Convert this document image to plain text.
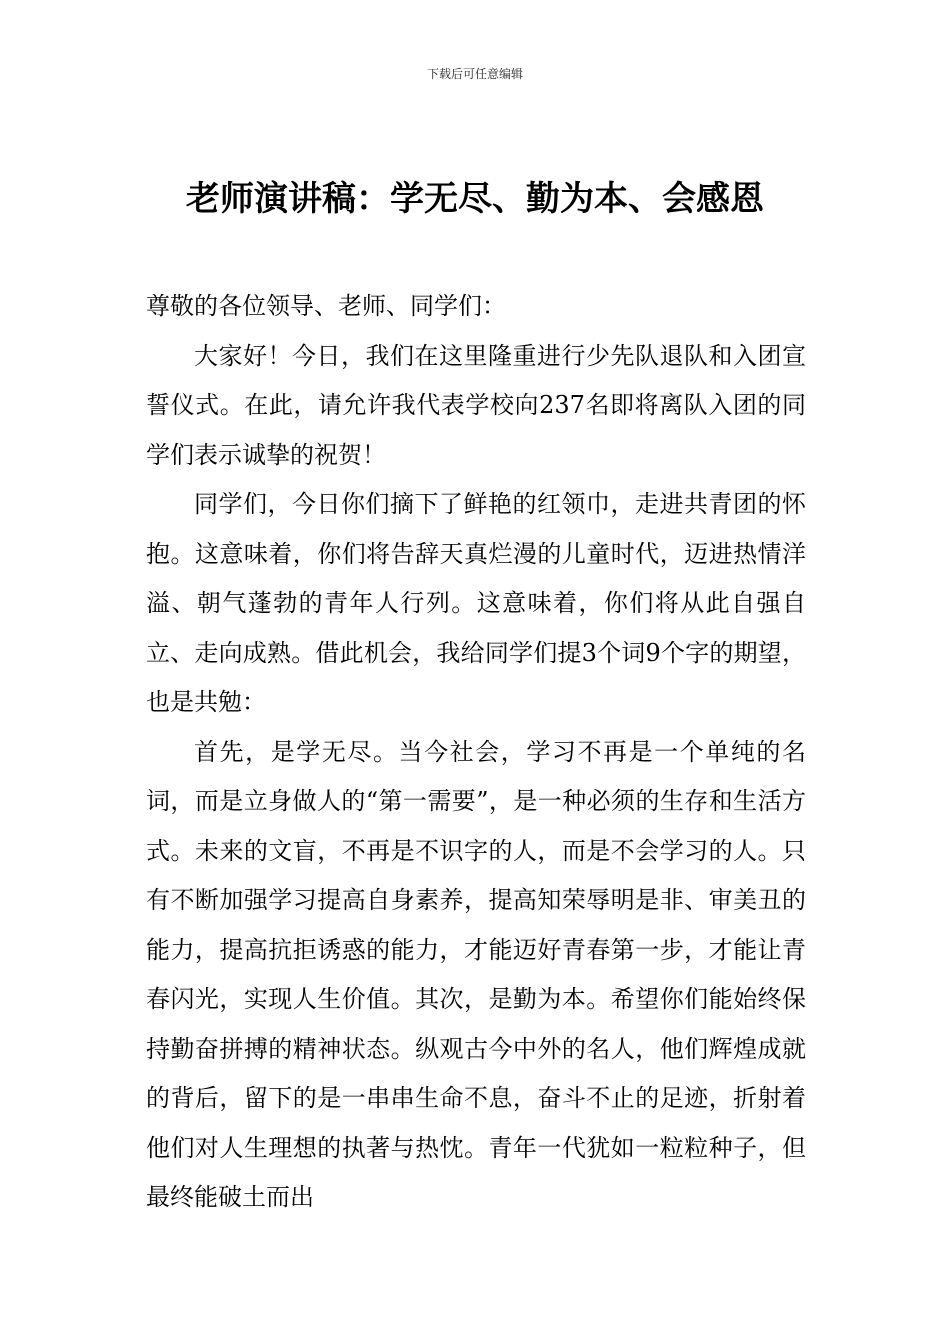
下载后可任意编辑
老师演讲稿：学无尽、勤为本、会感恩

尊敬的各位领导、老师、同学们：

大家好！今日，我们在这里隆重进行少先队退队和入团宣誓仪式。在此，请允许我代表学校向237名即将离队入团的同学们表示诚挚的祝贺！

同学们，今日你们摘下了鲜艳的红领巾，走进共青团的怀抱。这意味着，你们将告辞天真烂漫的儿童时代，迈进热情洋溢、朝气蓬勃的青年人行列。这意味着，你们将从此自强自立、走向成熟。借此机会，我给同学们提3个词9个字的期望，也是共勉：

首先，是学无尽。当今社会，学习不再是一个单纯的名词，而是立身做人的“第一需要”，是一种必须的生存和生活方式。未来的文盲，不再是不识字的人，而是不会学习的人。只有不断加强学习提高自身素养，提高知荣辱明是非、审美丑的能力，提高抗拒诱惑的能力，才能迈好青春第一步，才能让青春闪光，实现人生价值。其次，是勤为本。希望你们能始终保持勤奋拼搏的精神状态。纵观古今中外的名人，他们辉煌成就的背后，留下的是一串串生命不息，奋斗不止的足迹，折射着他们对人生理想的执著与热忱。青年一代犹如一粒粒种子，但最终能破土而出
